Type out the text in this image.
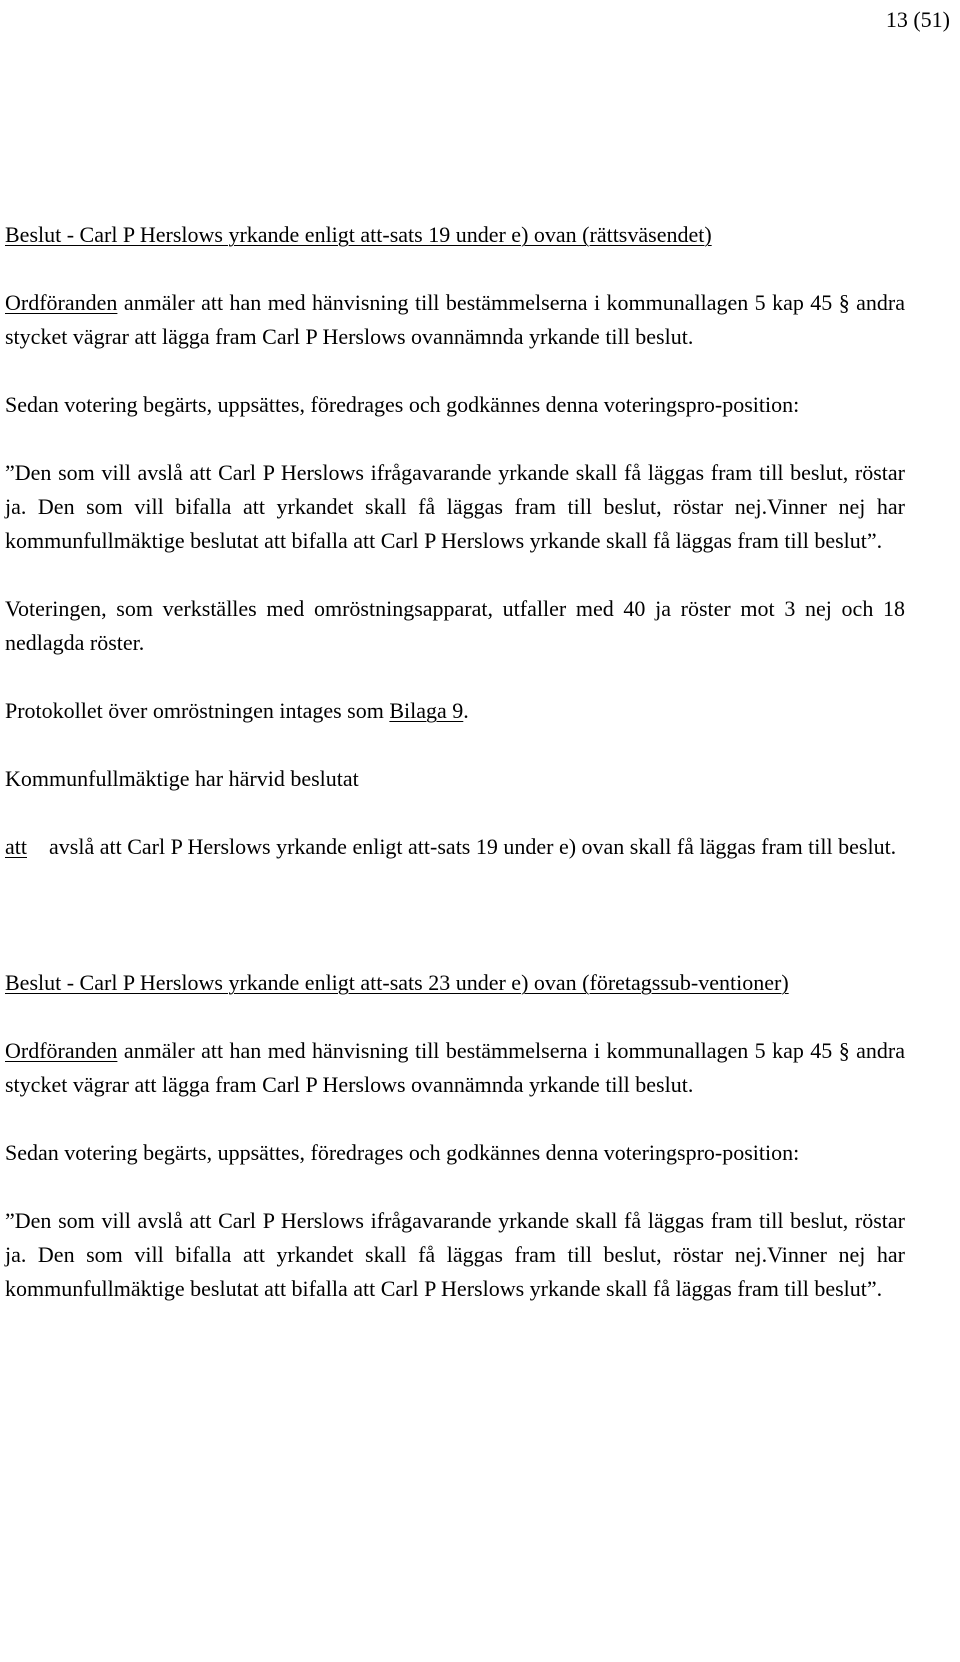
13 (51)

Beslut - Carl P Herslows yrkande enligt att-sats 19 under e) ovan (rättsväsendet)

Ordföranden anmäler att han med hänvisning till bestämmelserna i kommunallagen 5 kap 45 § andra stycket vägrar att lägga fram Carl P Herslows ovannämnda yrkande till beslut.

Sedan votering begärts, uppsättes, föredrages och godkännes denna voteringspro-position:

”Den som vill avslå att Carl P Herslows ifrågavarande yrkande skall få läggas fram till beslut, röstar ja. Den som vill bifalla att yrkandet skall få läggas fram till beslut, röstar nej.Vinner nej har kommunfullmäktige beslutat att bifalla att Carl P Herslows yrkande skall få läggas fram till beslut”.

Voteringen, som verkställes med omröstningsapparat, utfaller med 40 ja röster mot 3 nej och 18 nedlagda röster.

Protokollet över omröstningen intages som Bilaga 9.

Kommunfullmäktige har härvid beslutat

att	avslå att Carl P Herslows yrkande enligt att-sats 19 under e) ovan skall få läggas fram till beslut.

Beslut - Carl P Herslows yrkande enligt att-sats 23 under e) ovan (företagssub-ventioner)

Ordföranden anmäler att han med hänvisning till bestämmelserna i kommunallagen 5 kap 45 § andra stycket vägrar att lägga fram Carl P Herslows ovannämnda yrkande till beslut.

Sedan votering begärts, uppsättes, föredrages och godkännes denna voteringspro-position:

”Den som vill avslå att Carl P Herslows ifrågavarande yrkande skall få läggas fram till beslut, röstar ja. Den som vill bifalla att yrkandet skall få läggas fram till beslut, röstar nej.Vinner nej har kommunfullmäktige beslutat att bifalla att Carl P Herslows yrkande skall få läggas fram till beslut”.
